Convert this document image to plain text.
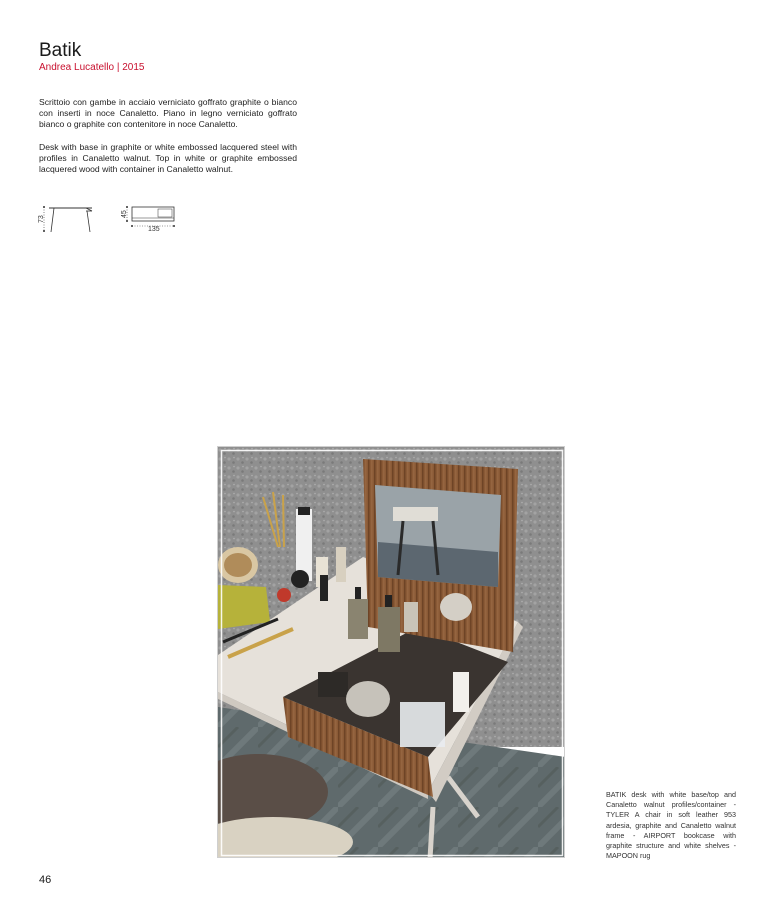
Batik
Andrea Lucatello | 2015

Scrittoio con gambe in acciaio verniciato goffrato graphite o bianco con inserti in noce Canaletto. Piano in legno verniciato goffrato bianco o graphite con contenitore in noce Canaletto.

Desk with base in graphite or white embossed lacquered steel with profiles in Canaletto walnut. Top in white or graphite embossed lacquered wood with container in Canaletto walnut.

73
45
135

BATIK desk with white base/top and Canaletto walnut profiles/container - TYLER A chair in soft leather 953 ardesia, graphite and Canaletto walnut frame - AIRPORT bookcase with graphite structure and white shelves - MAPOON rug

46
